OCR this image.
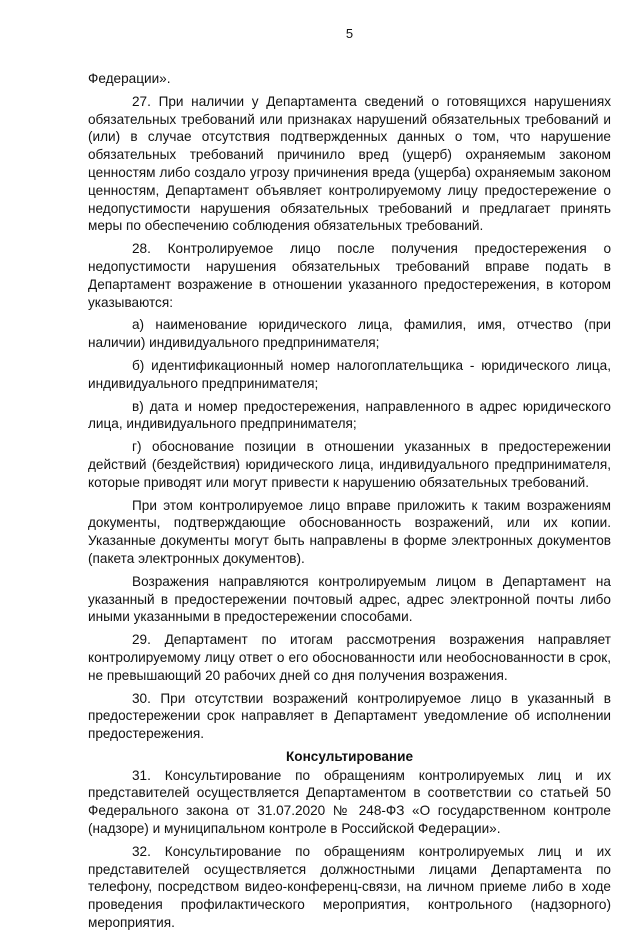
5

Федерации».

27. При наличии у Департамента сведений о готовящихся нарушениях обязательных требований или признаках нарушений обязательных требований и (или) в случае отсутствия подтвержденных данных о том, что нарушение обязательных требований причинило вред (ущерб) охраняемым законом ценностям либо создало угрозу причинения вреда (ущерба) охраняемым законом ценностям, Департамент объявляет контролируемому лицу предостережение о недопустимости нарушения обязательных требований и предлагает принять меры по обеспечению соблюдения обязательных требований.

28. Контролируемое лицо после получения предостережения о недопустимости нарушения обязательных требований вправе подать в Департамент возражение в отношении указанного предостережения, в котором указываются:

а) наименование юридического лица, фамилия, имя, отчество (при наличии) индивидуального предпринимателя;

б) идентификационный номер налогоплательщика - юридического лица, индивидуального предпринимателя;

в) дата и номер предостережения, направленного в адрес юридического лица, индивидуального предпринимателя;

г) обоснование позиции в отношении указанных в предостережении действий (бездействия) юридического лица, индивидуального предпринимателя, которые приводят или могут привести к нарушению обязательных требований.

При этом контролируемое лицо вправе приложить к таким возражениям документы, подтверждающие обоснованность возражений, или их копии. Указанные документы могут быть направлены в форме электронных документов (пакета электронных документов).

Возражения направляются контролируемым лицом в Департамент на указанный в предостережении почтовый адрес, адрес электронной почты либо иными указанными в предостережении способами.

29. Департамент по итогам рассмотрения возражения направляет контролируемому лицу ответ о его обоснованности или необоснованности в срок, не превышающий 20 рабочих дней со дня получения возражения.

30. При отсутствии возражений контролируемое лицо в указанный в предостережении срок направляет в Департамент уведомление об исполнении предостережения.

Консультирование

31. Консультирование по обращениям контролируемых лиц и их представителей осуществляется Департаментом в соответствии со статьей 50 Федерального закона от 31.07.2020 № 248-ФЗ «О государственном контроле (надзоре) и муниципальном контроле в Российской Федерации».

32. Консультирование по обращениям контролируемых лиц и их представителей осуществляется должностными лицами Департамента по телефону, посредством видео-конференц-связи, на личном приеме либо в ходе проведения профилактического мероприятия, контрольного (надзорного) мероприятия.
